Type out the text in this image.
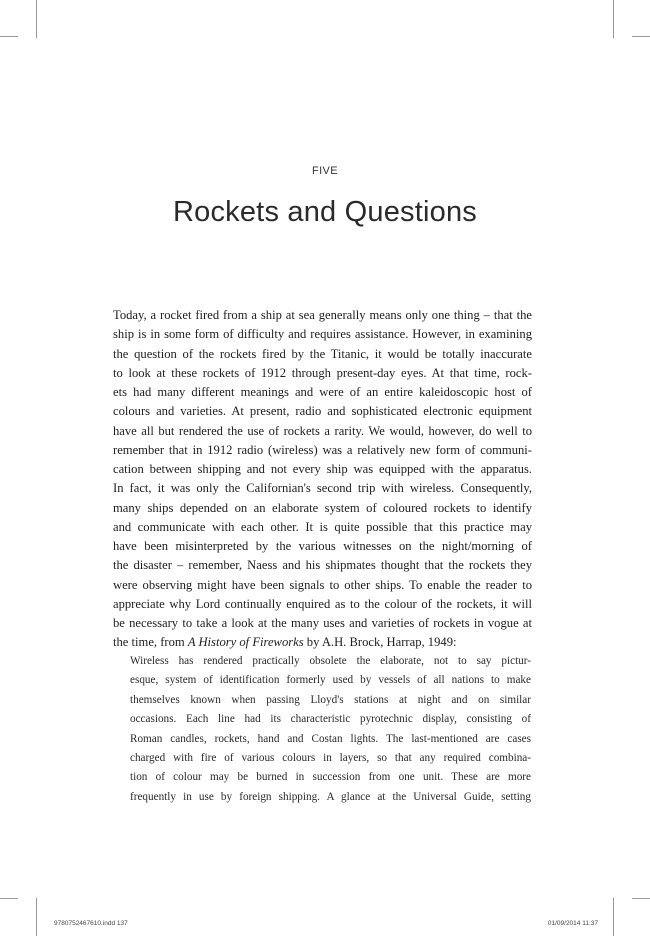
FIVE
Rockets and Questions

Today, a rocket fired from a ship at sea generally means only one thing – that the
ship is in some form of difficulty and requires assistance. However, in examining
the question of the rockets fired by the Titanic, it would be totally inaccurate
to look at these rockets of 1912 through present-day eyes. At that time, rock-
ets had many different meanings and were of an entire kaleidoscopic host of
colours and varieties. At present, radio and sophisticated electronic equipment
have all but rendered the use of rockets a rarity. We would, however, do well to
remember that in 1912 radio (wireless) was a relatively new form of communi-
cation between shipping and not every ship was equipped with the apparatus.
In fact, it was only the Californian's second trip with wireless. Consequently,
many ships depended on an elaborate system of coloured rockets to identify
and communicate with each other. It is quite possible that this practice may
have been misinterpreted by the various witnesses on the night/morning of
the disaster – remember, Naess and his shipmates thought that the rockets they
were observing might have been signals to other ships. To enable the reader to
appreciate why Lord continually enquired as to the colour of the rockets, it will
be necessary to take a look at the many uses and varieties of rockets in vogue at
the time, from A History of Fireworks by A.H. Brock, Harrap, 1949:

Wireless has rendered practically obsolete the elaborate, not to say pictur-
esque, system of identification formerly used by vessels of all nations to make
themselves known when passing Lloyd's stations at night and on similar
occasions. Each line had its characteristic pyrotechnic display, consisting of
Roman candles, rockets, hand and Costan lights. The last-mentioned are cases
charged with fire of various colours in layers, so that any required combina-
tion of colour may be burned in succession from one unit. These are more
frequently in use by foreign shipping. A glance at the Universal Guide, setting

9780752467610.indd 137	01/09/2014 11:37
